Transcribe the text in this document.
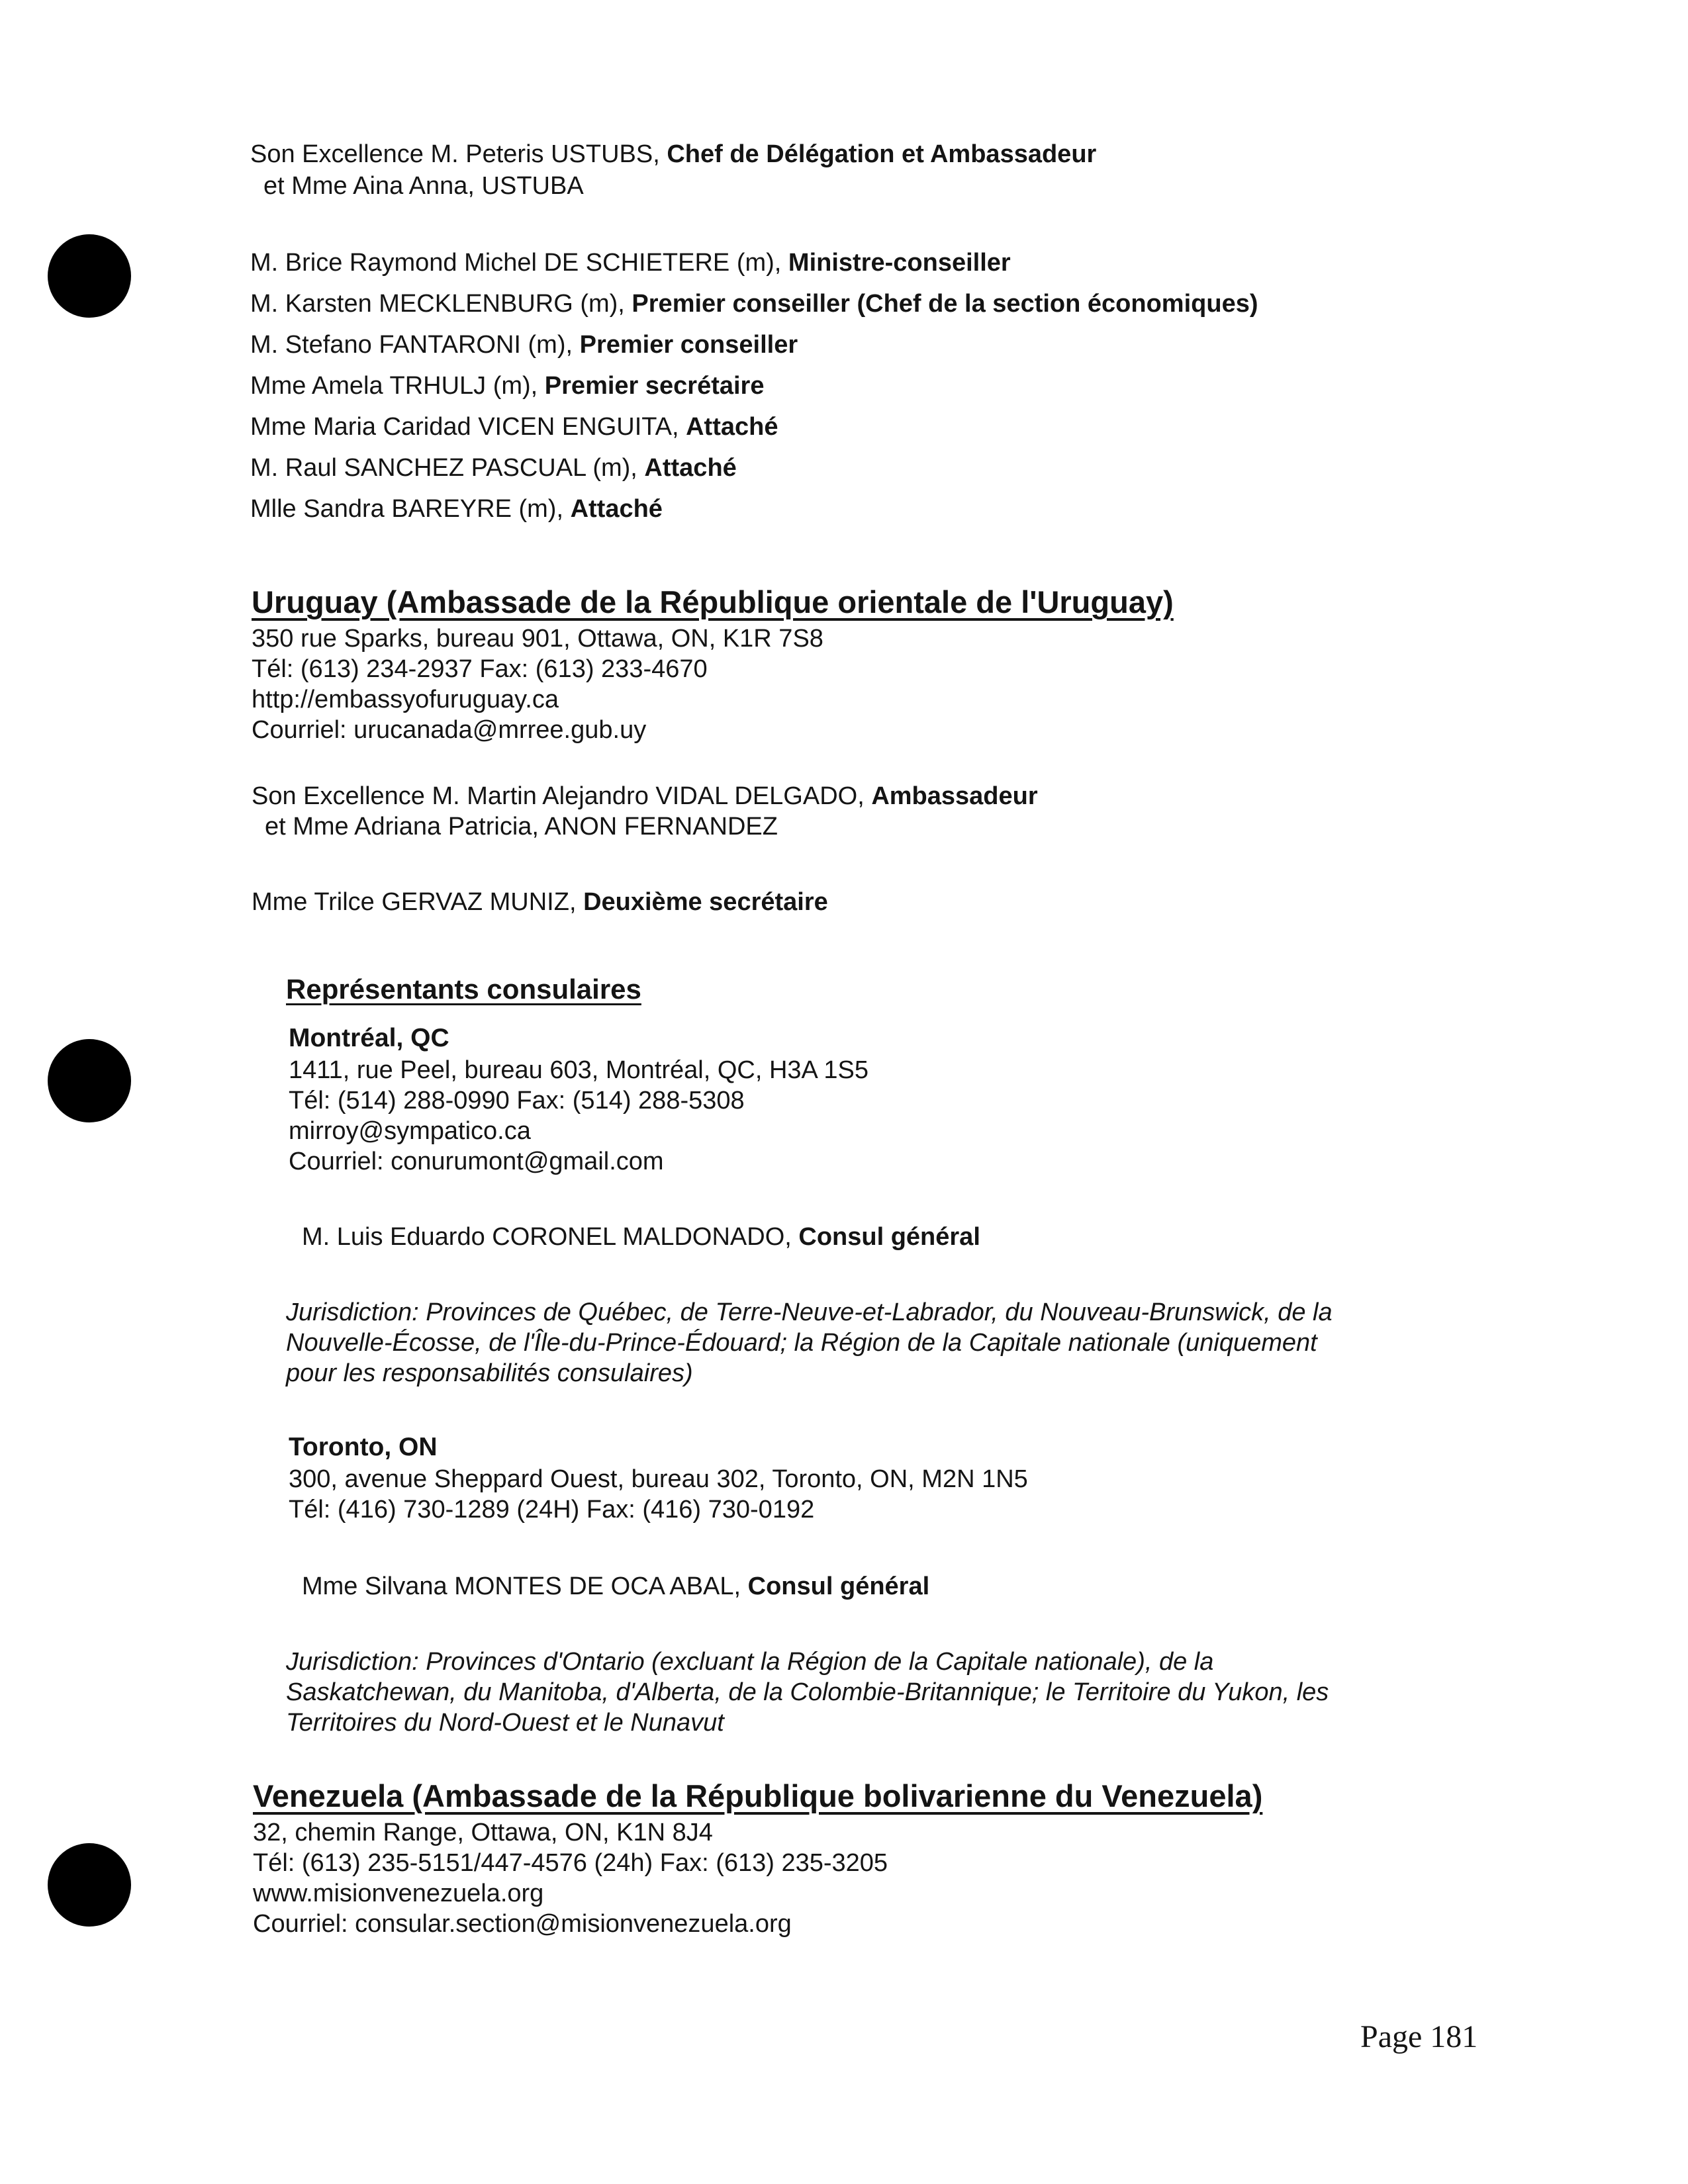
Son Excellence M. Peteris USTUBS, Chef de Délégation et Ambassadeur
et Mme Aina Anna, USTUBA
M. Brice Raymond Michel DE SCHIETERE (m), Ministre-conseiller
M. Karsten MECKLENBURG (m), Premier conseiller (Chef de la section économiques)
M. Stefano FANTARONI (m), Premier conseiller
Mme Amela TRHULJ (m), Premier secrétaire
Mme Maria Caridad VICEN ENGUITA, Attaché
M. Raul SANCHEZ PASCUAL (m), Attaché
Mlle Sandra BAREYRE (m), Attaché
Uruguay (Ambassade de la République orientale de l'Uruguay)
350 rue Sparks, bureau 901, Ottawa, ON, K1R 7S8
Tél: (613) 234-2937 Fax: (613) 233-4670
http://embassyofuruguay.ca
Courriel: urucanada@mrree.gub.uy
Son Excellence M. Martin Alejandro VIDAL DELGADO, Ambassadeur
et Mme Adriana Patricia, ANON FERNANDEZ
Mme Trilce GERVAZ MUNIZ, Deuxième secrétaire
Représentants consulaires
Montréal, QC
1411, rue Peel, bureau 603, Montréal, QC, H3A 1S5
Tél: (514) 288-0990 Fax: (514) 288-5308
mirroy@sympatico.ca
Courriel: conurumont@gmail.com
M. Luis Eduardo CORONEL MALDONADO, Consul général
Jurisdiction: Provinces de Québec, de Terre-Neuve-et-Labrador, du Nouveau-Brunswick, de la
Nouvelle-Écosse, de l'Île-du-Prince-Édouard; la Région de la Capitale nationale (uniquement
pour les responsabilités consulaires)
Toronto, ON
300, avenue Sheppard Ouest, bureau 302, Toronto, ON, M2N 1N5
Tél: (416) 730-1289 (24H) Fax: (416) 730-0192
Mme Silvana MONTES DE OCA ABAL, Consul général
Jurisdiction: Provinces d'Ontario (excluant la Région de la Capitale nationale), de la
Saskatchewan, du Manitoba, d'Alberta, de la Colombie-Britannique; le Territoire du Yukon, les
Territoires du Nord-Ouest et le Nunavut
Venezuela (Ambassade de la République bolivarienne du Venezuela)
32, chemin Range, Ottawa, ON, K1N 8J4
Tél: (613) 235-5151/447-4576 (24h) Fax: (613) 235-3205
www.misionvenezuela.org
Courriel: consular.section@misionvenezuela.org
Page 181
